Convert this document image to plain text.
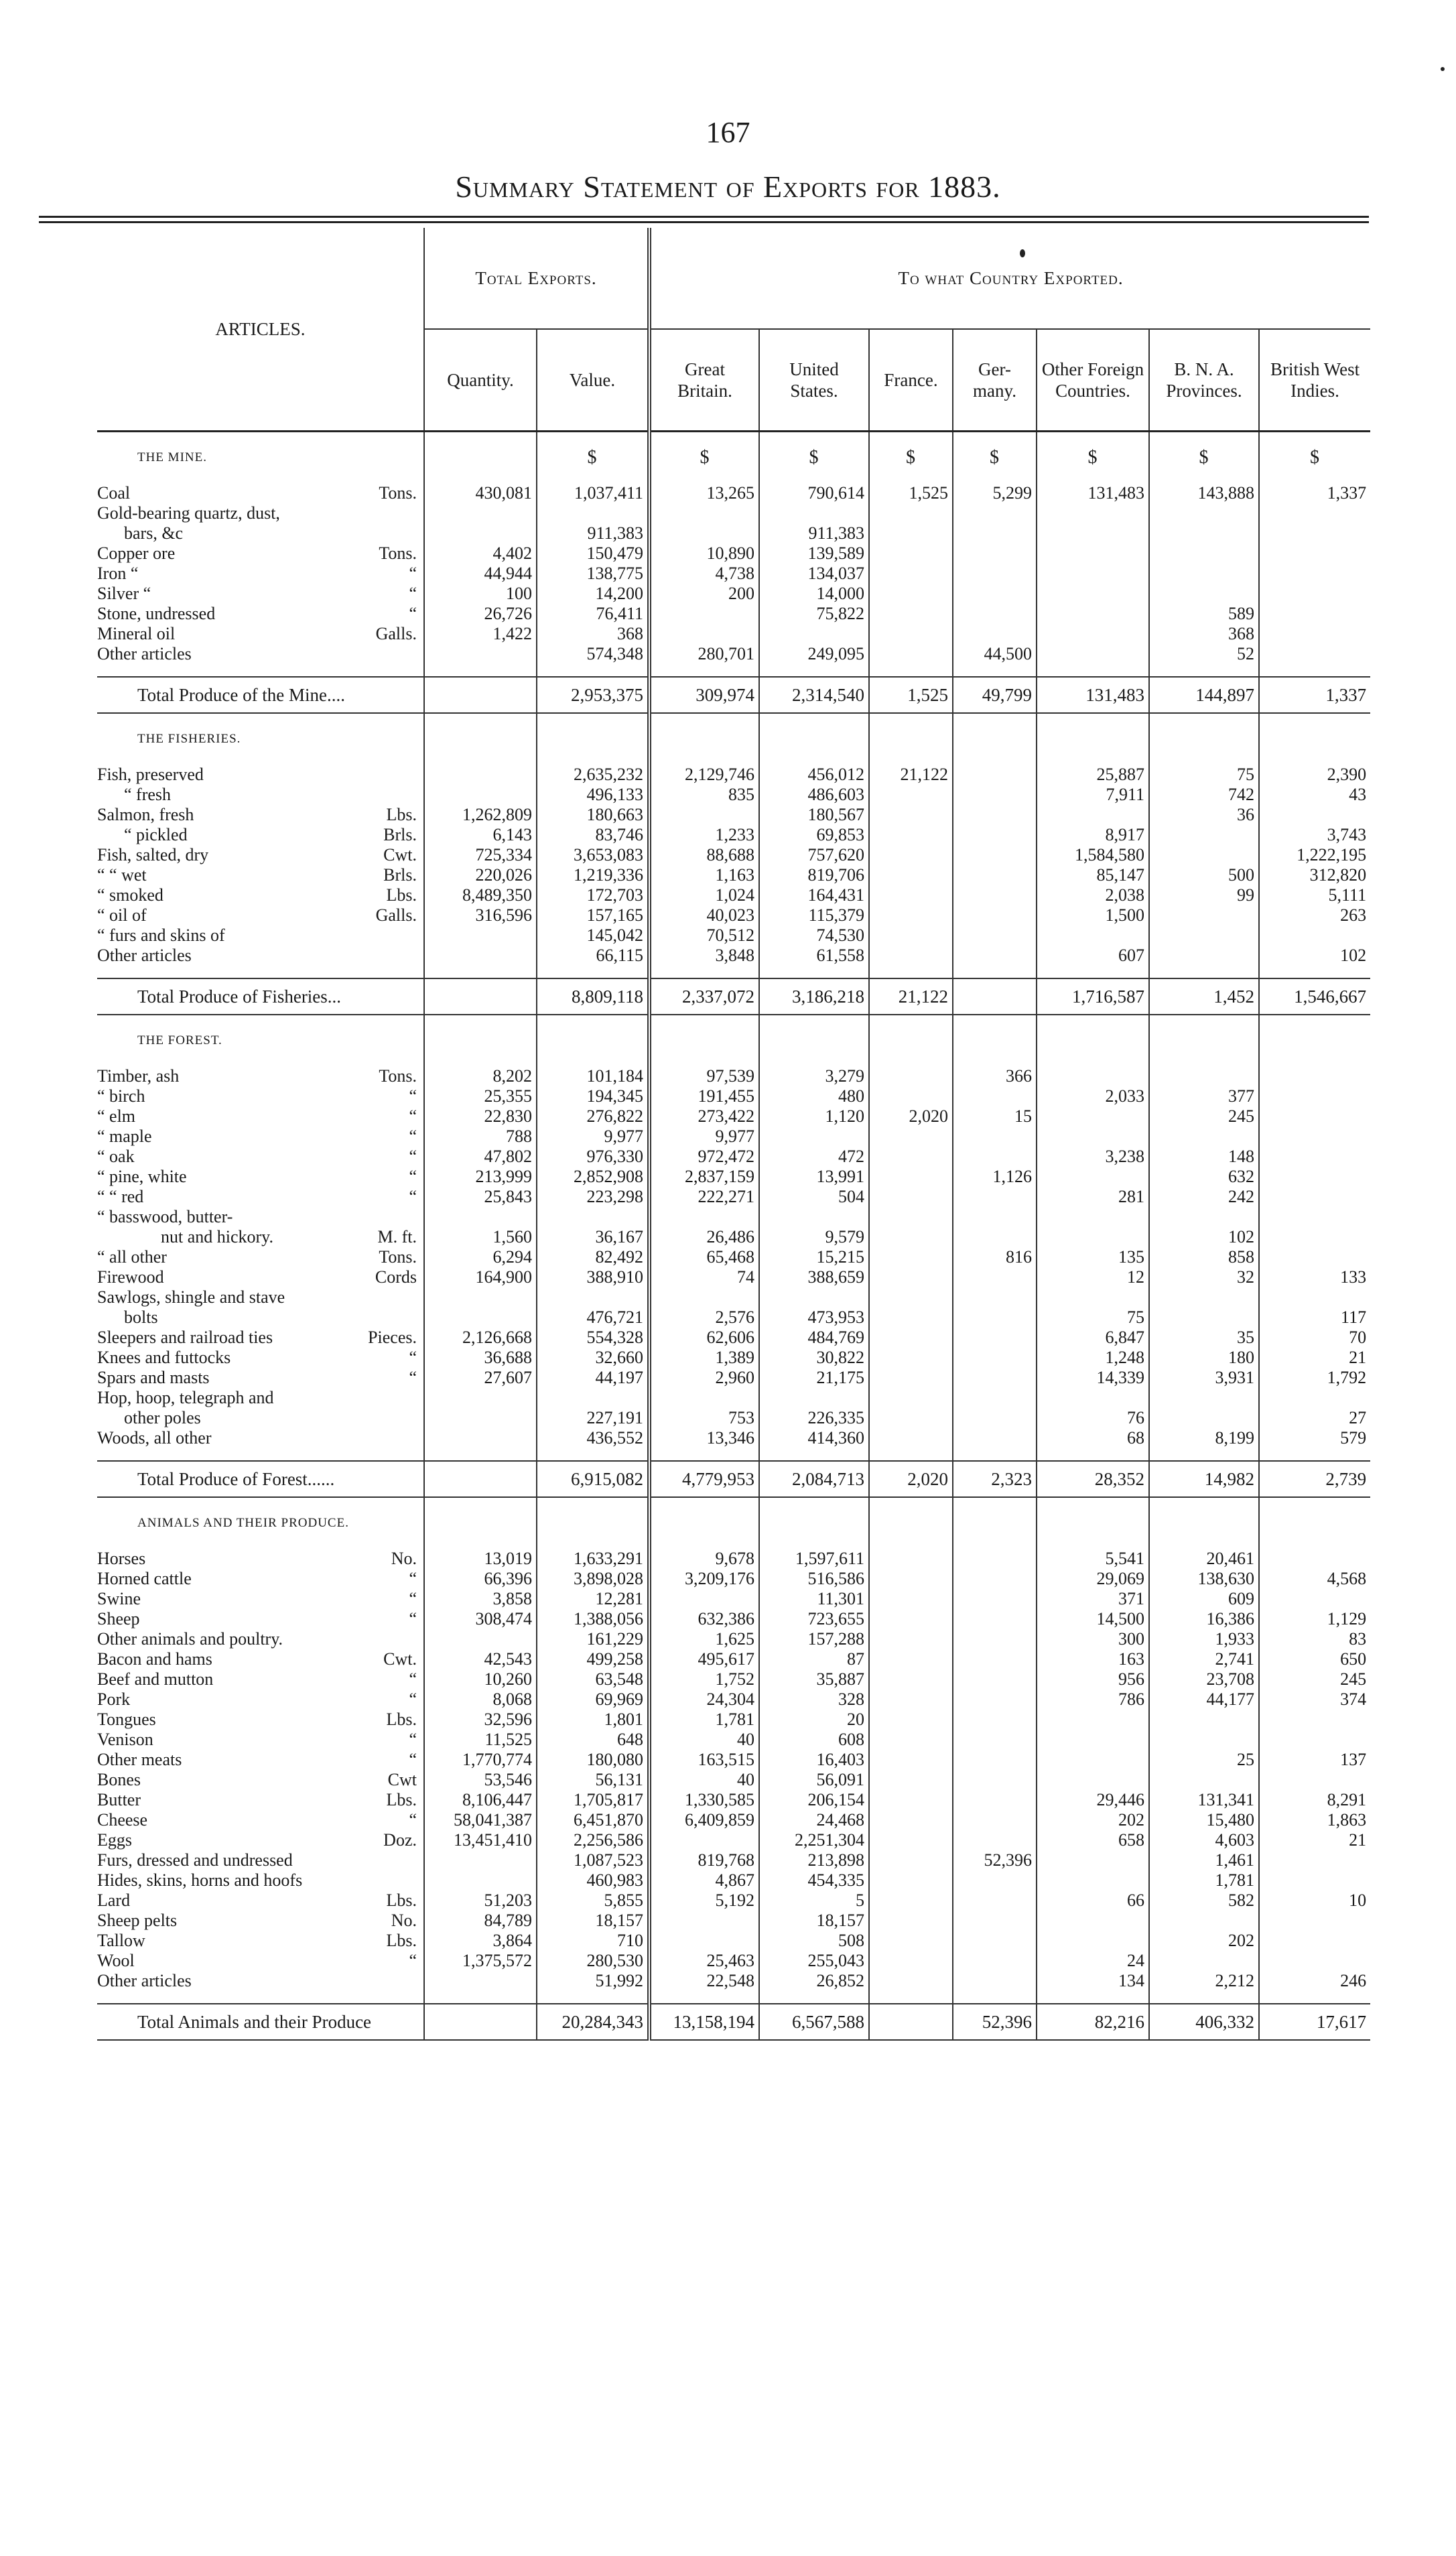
167
Summary Statement of Exports for 1883.
ARTICLES.	Total Exports.		To what Country Exported.						
	Quantity.	Value.	Great Britain.	United States.	France.	Ger- many.	Other Foreign Countries.	B. N. A. Provinces.	British West Indies.

THE MINE.		$	$	$	$	$	$	$	$
Coal Tons.	430,081	1,037,411	13,265	790,614	1,525	5,299	131,483	143,888	1,337
Gold-bearing quartz, dust,

bars, &c		911,383		911,383					
Copper ore Tons.	4,402	150,479	10,890	139,589					
Iron “ “	44,944	138,775	4,738	134,037					
Silver “ “	100	14,200	200	14,000					
Stone, undressed “	26,726	76,411		75,822				589	
Mineral oil Galls.	1,422	368						368	
Other articles		574,348	280,701	249,095		44,500		52	

Total Produce of the Mine....		2,953,375	309,974	2,314,540	1,525	49,799	131,483	144,897	1,337
THE FISHERIES.									
Fish, preserved		2,635,232	2,129,746	456,012	21,122		25,887	75	2,390
“ fresh		496,133	835	486,603			7,911	742	43
Salmon, fresh Lbs.	1,262,809	180,663		180,567				36	
“ pickled Brls.	6,143	83,746	1,233	69,853			8,917		3,743
Fish, salted, dry Cwt.	725,334	3,653,083	88,688	757,620			1,584,580		1,222,195
“ “ wet Brls.	220,026	1,219,336	1,163	819,706			85,147	500	312,820
“ smoked Lbs.	8,489,350	172,703	1,024	164,431			2,038	99	5,111
“ oil of Galls.	316,596	157,165	40,023	115,379			1,500		263
“ furs and skins of		145,042	70,512	74,530					
Other articles		66,115	3,848	61,558			607		102

Total Produce of Fisheries...		8,809,118	2,337,072	3,186,218	21,122		1,716,587	1,452	1,546,667
THE FOREST.									
Timber, ash Tons.	8,202	101,184	97,539	3,279		366			
“ birch “	25,355	194,345	191,455	480			2,033	377	
“ elm “	22,830	276,822	273,422	1,120	2,020	15		245	
“ maple “	788	9,977	9,977						
“ oak “	47,802	976,330	972,472	472			3,238	148	
“ pine, white “	213,999	2,852,908	2,837,159	13,991		1,126		632	
“ “ red “	25,843	223,298	222,271	504			281	242	
“ basswood, butter-

nut and hickory. M. ft.	1,560	36,167	26,486	9,579				102	
“ all other Tons.	6,294	82,492	65,468	15,215		816	135	858	
Firewood Cords	164,900	388,910	74	388,659			12	32	133
Sawlogs, shingle and stave

bolts		476,721	2,576	473,953			75		117
Sleepers and railroad ties Pieces.	2,126,668	554,328	62,606	484,769			6,847	35	70
Knees and futtocks “	36,688	32,660	1,389	30,822			1,248	180	21
Spars and masts “	27,607	44,197	2,960	21,175			14,339	3,931	1,792
Hop, hoop, telegraph and

other poles		227,191	753	226,335			76		27
Woods, all other		436,552	13,346	414,360			68	8,199	579

Total Produce of Forest......		6,915,082	4,779,953	2,084,713	2,020	2,323	28,352	14,982	2,739
ANIMALS AND THEIR PRODUCE.									
Horses No.	13,019	1,633,291	9,678	1,597,611			5,541	20,461	
Horned cattle “	66,396	3,898,028	3,209,176	516,586			29,069	138,630	4,568
Swine “	3,858	12,281		11,301			371	609	
Sheep “	308,474	1,388,056	632,386	723,655			14,500	16,386	1,129
Other animals and poultry.		161,229	1,625	157,288			300	1,933	83
Bacon and hams Cwt.	42,543	499,258	495,617	87			163	2,741	650
Beef and mutton “	10,260	63,548	1,752	35,887			956	23,708	245
Pork “	8,068	69,969	24,304	328			786	44,177	374
Tongues Lbs.	32,596	1,801	1,781	20					
Venison “	11,525	648	40	608					
Other meats “	1,770,774	180,080	163,515	16,403				25	137
Bones Cwt	53,546	56,131	40	56,091					
Butter Lbs.	8,106,447	1,705,817	1,330,585	206,154			29,446	131,341	8,291
Cheese “	58,041,387	6,451,870	6,409,859	24,468			202	15,480	1,863
Eggs Doz.	13,451,410	2,256,586		2,251,304			658	4,603	21
Furs, dressed and undressed		1,087,523	819,768	213,898		52,396		1,461	
Hides, skins, horns and hoofs		460,983	4,867	454,335				1,781	
Lard Lbs.	51,203	5,855	5,192	5			66	582	10
Sheep pelts No.	84,789	18,157		18,157					
Tallow Lbs.	3,864	710		508				202	
Wool “	1,375,572	280,530	25,463	255,043			24		
Other articles		51,992	22,548	26,852			134	2,212	246

Total Animals and their Produce		20,284,343	13,158,194	6,567,588		52,396	82,216	406,332	17,617
